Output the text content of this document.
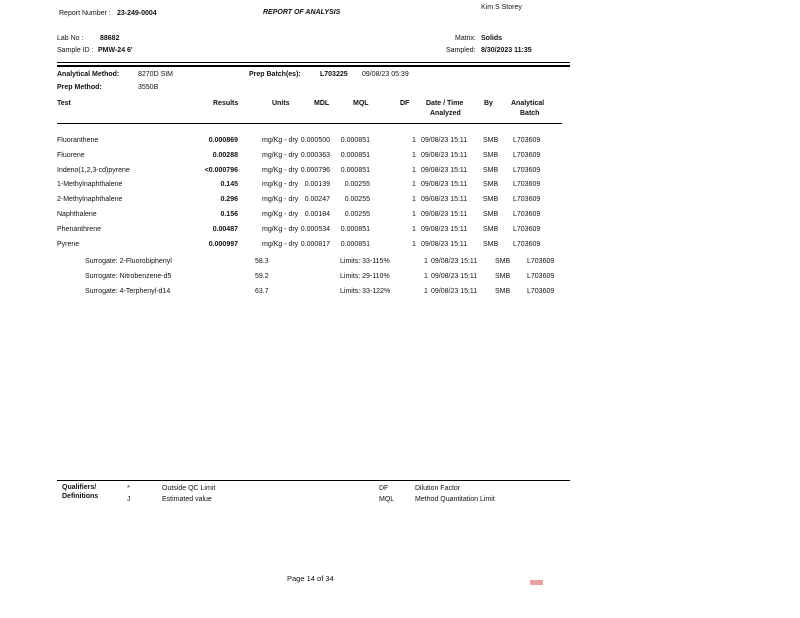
Report Number : 23-249-0004	REPORT OF ANALYSIS
Kim S Storey
Lab No : 88682
Sample ID : PMW-24 6'
Matrix: Solids
Sampled: 8/30/2023 11:35
Analytical Method:	8270D SIM	Prep Batch(es):	L703225 09/08/23 05:39
Prep Method:	3550B
Test	Results	Units	MDL	MQL	DF Date / Time
Analyzed
By	Analytical
Batch
Fluoranthene	0.000869	mg/Kg - dry 0.000500	0.000851	1 09/08/23 15:11 SMB L703609
Fluorene	0.00288	mg/Kg - dry 0.000363	0.000851	1 09/08/23 15:11 SMB L703609
Indeno(1,2,3-cd)pyrene	<0.000796	mg/Kg - dry 0.000796	0.000851	1 09/08/23 15:11 SMB L703609
1-Methylnaphthalene	0.145	mg/Kg - dry 0.00139	0.00255	1 09/08/23 15:11 SMB L703609
2-Methylnaphthalene	0.296	mg/Kg - dry 0.00247	0.00255	1 09/08/23 15:11 SMB L703609
Naphthalene	0.156	mg/Kg - dry 0.00184	0.00255	1 09/08/23 15:11 SMB L703609
Phenanthrene	0.00487	mg/Kg - dry 0.000534	0.000851	1 09/08/23 15:11 SMB L703609
Pyrene	0.000997	mg/Kg - dry 0.000817	0.000851	1 09/08/23 15:11 SMB L703609
Surrogate: 2-Fluorobiphenyl	58.3	Limits: 33-115%	1 09/08/23 15:11	SMB L703609
Surrogate: Nitrobenzene-d5	59.2	Limits: 29-110%	1 09/08/23 15:11	SMB L703609
Surrogate: 4-Terphenyl-d14	63.7	Limits: 33-122%	1 09/08/23 15:11	SMB L703609
Qualifiers/
Definitions
*	Outside QC Limit
J	Estimated value
DF	Dilution Factor
MQL	Method Quantitation Limit
Page 14 of 34
